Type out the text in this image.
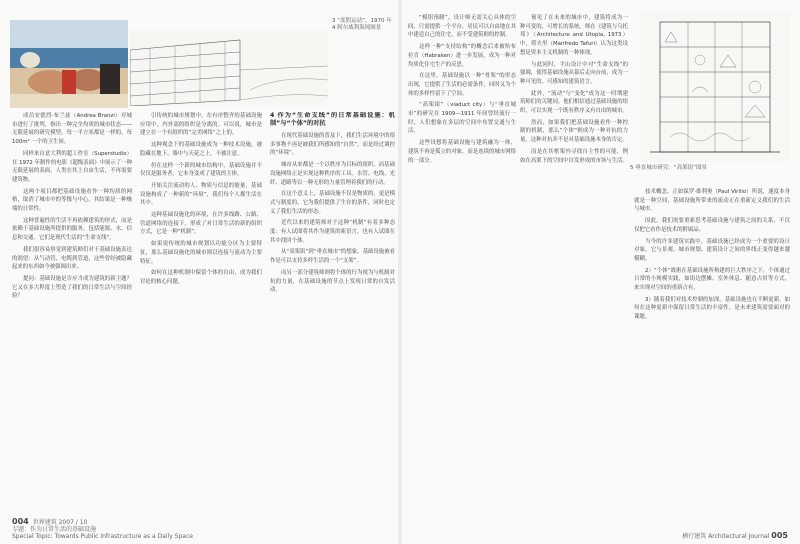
3 “度假运动”，1970 年
4 阿尔威利海岡图景

成员安德烈·布兰兹（Andrea Branzi）对城市进行了批判，指出一种完全均质的城市状态——无限延展的研究模型，每一平方米都是一样的，每 100m² 一个的卫生间。

同样来自意大利的超工作室（Superstudio）在 1972 年制作的电影《超级表面》中展示了一种无限延展的表面，人类在其上自由生活，不再需要建筑物。

这两个项目都把基础设施看作一种均质的网格，取消了城市中的等级与中心，其结果是一种极端的日常性。

这种普遍性的生活不再依赖建筑的形式，而是依赖于基础设施所提供的服务，包括能源、水、信息和交通。它们是现代生活的“生命支线”。

我们很容易察觉到建筑师们对于基础设施表达的渴望：从气动管、电缆到管道，这些曾经被隐藏起来的东西如今被强调出来。

提问：基础设施是否应当成为建筑的新主题？它又在多大程度上塑造了我们的日常生活与空间经验？

引传统的城市规划中，在有序整齐的基础设施应用中，内外部的组织是分离的。可以说，城市是建立在一个有组织的“完美网络”之上的。

这种观念下的基础设施成为一种技术设施，被隐藏在地下、墙中与天花之上，不被注意。

但在这样一个新的城市结构中，基础设施并不仅仅是服务者，它本身变成了建筑的主体。

开始关注流动的人、物质与信息的能量，基础设施构成了一种新的“环境”，我们每个人都生活在其中。

这种基础设施化的环境，在许多线路、公路、管道网络的连接下，形成了对日常生活的新的组织方式，它是一种“机制”。

如果说传统的城市规划以功能分区为主要特征，那么基础设施化的城市则以连接与流动为主要特征。

如何在这种机制中保留个体的自由，成为我们讨论的核心问题。

4 作为“生命支线”的日常基础设施：机制”与“个体”的对抗

在现代基础设施的普及下，我们生活环境中的很多事物不再是被我们所感知的“自然”，而是经过调控的“环境”。

城市从来都是一个以秩序为目标的组织，而基础设施网络正是实现这种秩序的工具。水管、电线、光纤、道路等以一种无形的力量管理着我们的行动。

在这个意义上，基础设施不仅是物质的，更是模式与制度的。它为我们提供了生存的条件，同时也定义了我们生活的形态。

近代以来的建筑师对于这种“机制”有着多种态度：有人试图将其作为建筑的新语言，也有人试图在其中找回个体。

从“高架街”到“垂直城市”的想象，基础设施被看作是可以支持多样生活的一个“支架”。

而另一部分建筑师则将个体的行为视为与机制对抗的力量，在基础设施的节点上发现日常的自发活动。

004 世界建筑 2007 / 10
专题：作为日常生活的基础设施
Special Topic: Towards Public Infrastructure as a Daily Space

“模组预制”，设计师无需关心具体的空间，只需提供一个平台。居民可以自由地在其中建造自己的住宅，而不受建筑师的控制。

这样一种“支持结构”的概念后来被哈布拉肯（Habraken）进一步发展，成为一种对均质化住宅生产的反思。

在这里，基础设施以一种“骨架”的形态出现，它提供了生活的必需条件，同时又为个体的多样性留下了空间。

“高架街”（viaduct city）与“垂直城市”的研究在 1909—1911 年间曾经流行一时，人们想象在多层的空间中布置交通与生活。

这些设想将基础设施与建筑融为一体，建筑不再是孤立的对象，而是连续的城市网络的一部分。

预见了在未来的城市中，建筑将成为一种可变的、可增长的系统。师在《建筑与乌托邦》（Architecture and Utopia, 1973）中，塔夫里（Manfredo Tafuri）认为这类设想是资本主义机制的一种体现。

与此同时，平山设计中对“生命支线”的强调，使得基础设施从幕后走向台前，成为一种可见的、可感知的建筑语言。

此外，“流动”与“变化”成为这一时期建筑师们的关键词。他们相信通过基础设施的组织，可以实现一个既有秩序又有自由的城市。

然而，如果我们把基础设施看作一种控制的机制，那么“个体”则成为一种对抗的力量。这种对抗并不是对基础设施本身的否定。

而是在其框架内寻找自主性的可能，例如在高架下的空间中自发形成的市场与生活。

5 垂直城市研究：“高架街”图景

技术概念。正如保罗·维利奥（Paul Virilio）所说，速度本身就是一种空间，基础设施所带来的流动正在重新定义我们的生活与城市。

因此，我们需要重新思考基础设施与建筑之间的关系，不仅仅把它看作是技术的附属品。

当今的许多建筑实践中，基础设施已经成为一个重要的设计对象，它与景观、城市规划、建筑设计之间的界线正变得越来越模糊。

2）“个体”战術在基础设施所构建的巨大秩序之下，个体通过日常的小规模实践，如街边摆摊、室外休息、随意占用等方式，来实现对空间的重新占有。

3）随着我们对技术控制的加深，基础设施也在不断更新。如何在这种更新中保留日常生活的丰富性，是未来建筑需要面对的课题。

横行建筑 Architectural Journal 005
